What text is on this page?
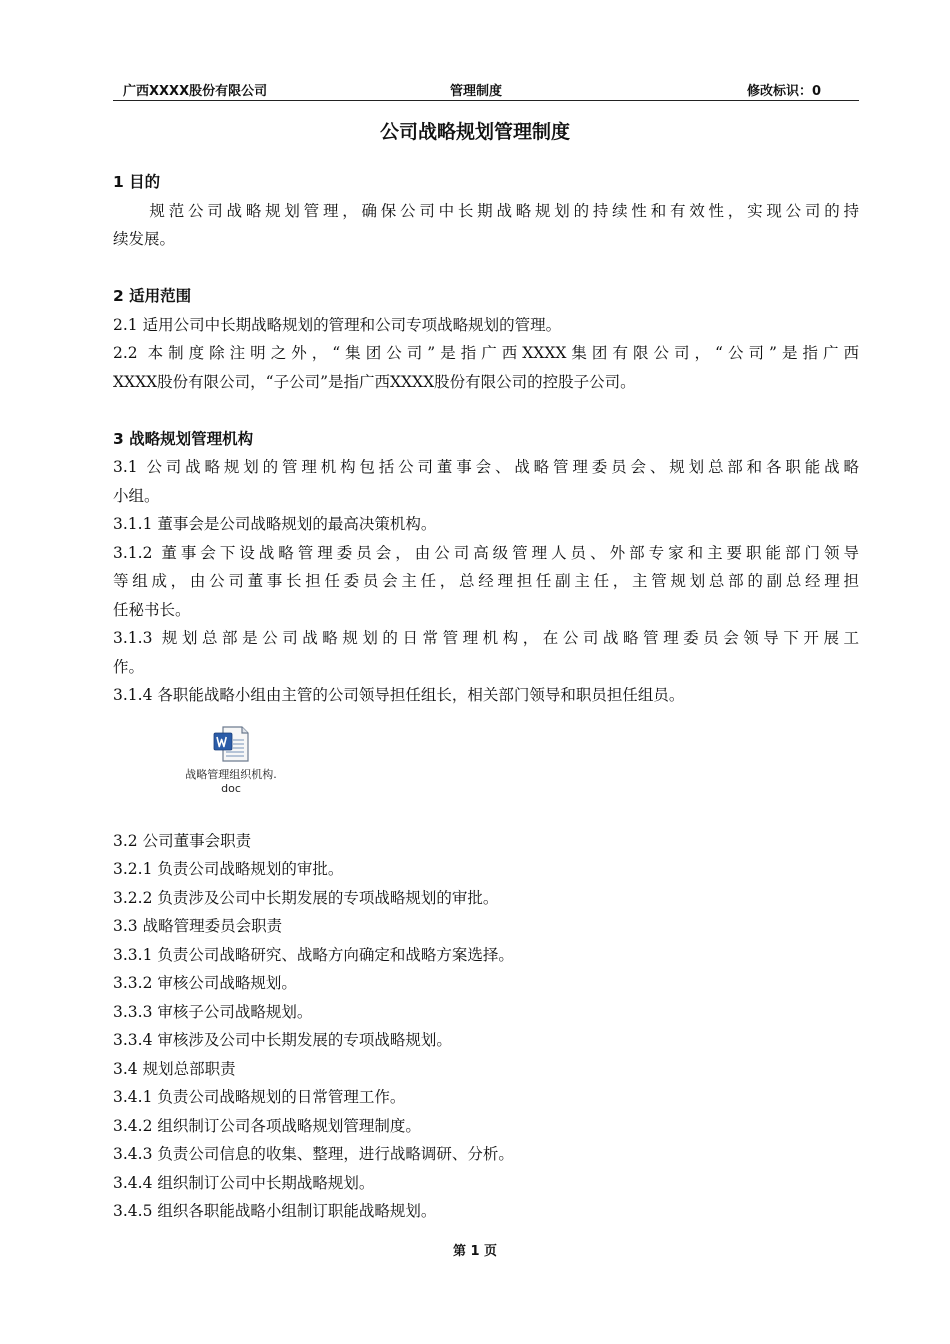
广西XXXX股份有限公司	管理制度	修改标识：0
公司战略规划管理制度
1 目的
规范公司战略规划管理，确保公司中长期战略规划的持续性和有效性，实现公司的持
续发展。
2 适用范围
2.1 适用公司中长期战略规划的管理和公司专项战略规划的管理。
2.2 本制度除注明之外，“集团公司”是指广西XXXX集团有限公司，“公司”是指广西
XXXX股份有限公司，“子公司”是指广西XXXX股份有限公司的控股子公司。
3 战略规划管理机构
3.1 公司战略规划的管理机构包括公司董事会、战略管理委员会、规划总部和各职能战略
小组。
3.1.1 董事会是公司战略规划的最高决策机构。
3.1.2 董事会下设战略管理委员会，由公司高级管理人员、外部专家和主要职能部门领导
等组成，由公司董事长担任委员会主任，总经理担任副主任，主管规划总部的副总经理担
任秘书长。
3.1.3 规划总部是公司战略规划的日常管理机构，在公司战略管理委员会领导下开展工
作。
3.1.4 各职能战略小组由主管的公司领导担任组长，相关部门领导和职员担任组员。
战略管理组织机构.
doc
3.2 公司董事会职责
3.2.1 负责公司战略规划的审批。
3.2.2 负责涉及公司中长期发展的专项战略规划的审批。
3.3 战略管理委员会职责
3.3.1 负责公司战略研究、战略方向确定和战略方案选择。
3.3.2 审核公司战略规划。
3.3.3 审核子公司战略规划。
3.3.4 审核涉及公司中长期发展的专项战略规划。
3.4 规划总部职责
3.4.1 负责公司战略规划的日常管理工作。
3.4.2 组织制订公司各项战略规划管理制度。
3.4.3 负责公司信息的收集、整理，进行战略调研、分析。
3.4.4 组织制订公司中长期战略规划。
3.4.5 组织各职能战略小组制订职能战略规划。
第 1 页
